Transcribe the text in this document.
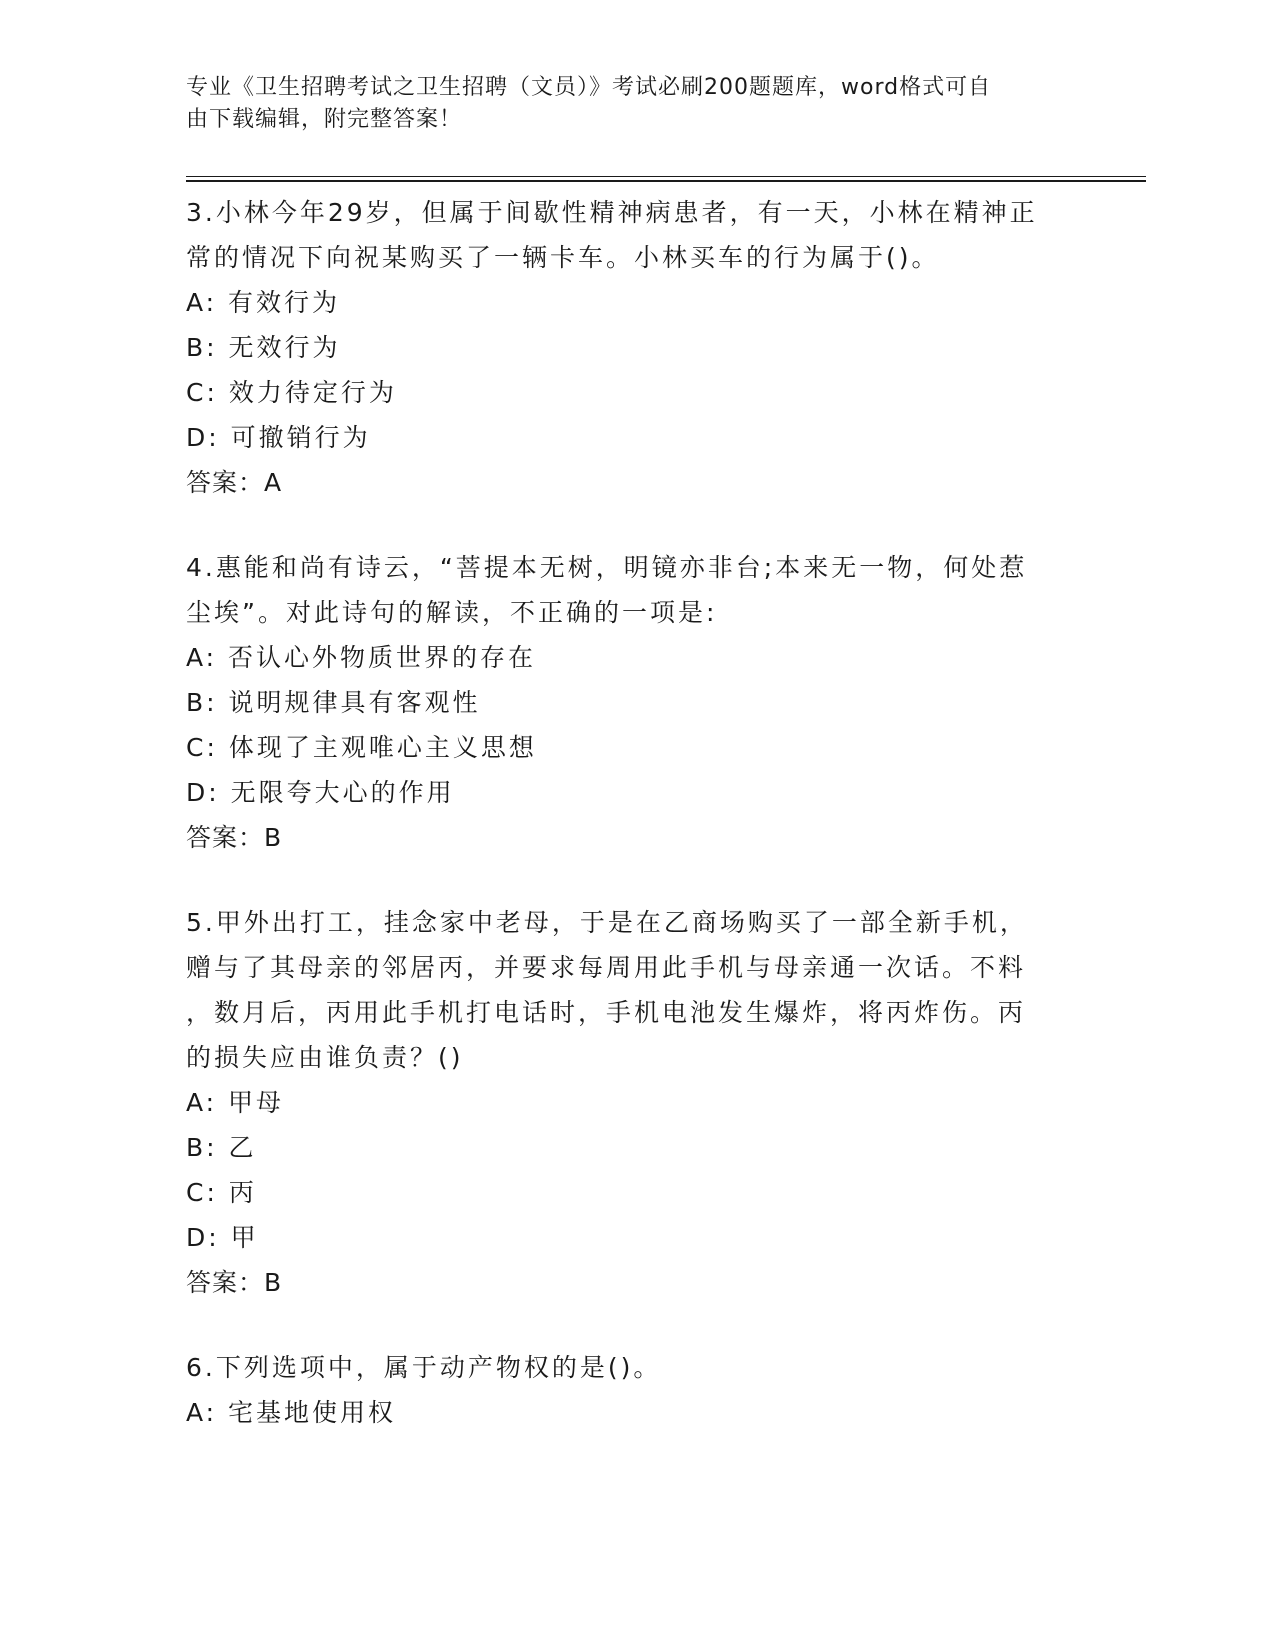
专业《卫生招聘考试之卫生招聘（文员）》考试必刷200题题库，word格式可自
由下载编辑，附完整答案！
3.小林今年29岁，但属于间歇性精神病患者，有一天，小林在精神正
常的情况下向祝某购买了一辆卡车。小林买车的行为属于()。
A: 有效行为
B: 无效行为
C: 效力待定行为
D: 可撤销行为
答案：A
4.惠能和尚有诗云，“菩提本无树，明镜亦非台;本来无一物，何处惹
尘埃”。对此诗句的解读，不正确的一项是:
A: 否认心外物质世界的存在
B: 说明规律具有客观性
C: 体现了主观唯心主义思想
D: 无限夸大心的作用
答案：B
5.甲外出打工，挂念家中老母，于是在乙商场购买了一部全新手机，
赠与了其母亲的邻居丙，并要求每周用此手机与母亲通一次话。不料
，数月后，丙用此手机打电话时，手机电池发生爆炸，将丙炸伤。丙
的损失应由谁负责？()
A: 甲母
B: 乙
C: 丙
D: 甲
答案：B
6.下列选项中，属于动产物权的是()。
A: 宅基地使用权
